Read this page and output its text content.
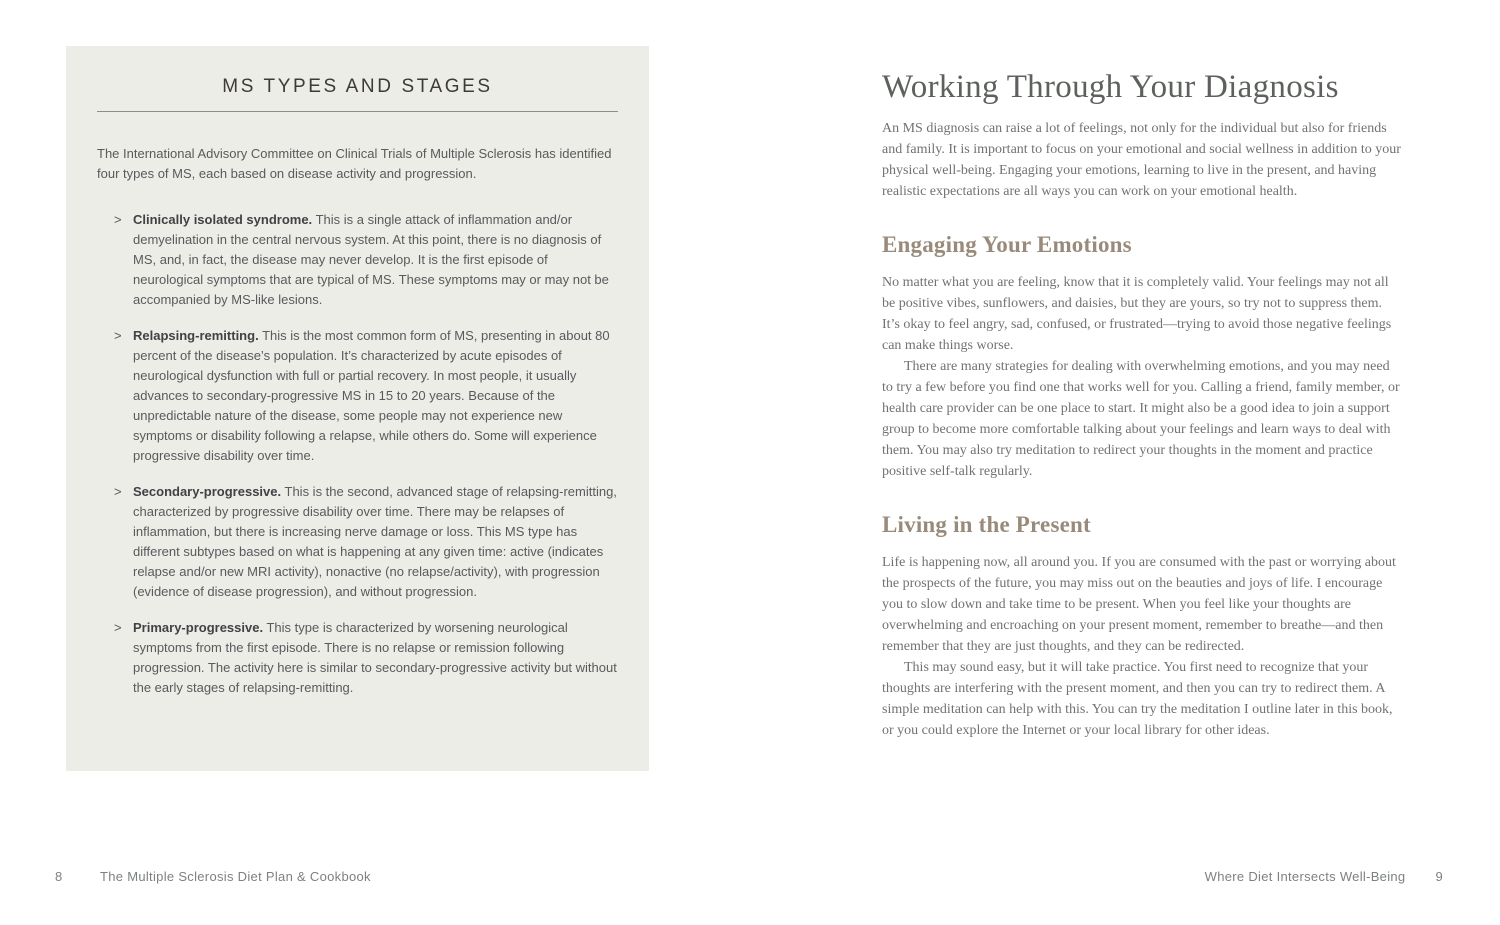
MS TYPES AND STAGES

The International Advisory Committee on Clinical Trials of Multiple Sclerosis has identified four types of MS, each based on disease activity and progression.

> Clinically isolated syndrome. This is a single attack of inflammation and/or demyelination in the central nervous system. At this point, there is no diagnosis of MS, and, in fact, the disease may never develop. It is the first episode of neurological symptoms that are typical of MS. These symptoms may or may not be accompanied by MS-like lesions.
> Relapsing-remitting. This is the most common form of MS, presenting in about 80 percent of the disease’s population. It’s characterized by acute episodes of neurological dysfunction with full or partial recovery. In most people, it usually advances to secondary-progressive MS in 15 to 20 years. Because of the unpredictable nature of the disease, some people may not experience new symptoms or disability following a relapse, while others do. Some will experience progressive disability over time.
> Secondary-progressive. This is the second, advanced stage of relapsing-remitting, characterized by progressive disability over time. There may be relapses of inflammation, but there is increasing nerve damage or loss. This MS type has different subtypes based on what is happening at any given time: active (indicates relapse and/or new MRI activity), nonactive (no relapse/activity), with progression (evidence of disease progression), and without progression.
> Primary-progressive. This type is characterized by worsening neurological symptoms from the first episode. There is no relapse or remission following progression. The activity here is similar to secondary-progressive activity but without the early stages of relapsing-remitting.
8	The Multiple Sclerosis Diet Plan & Cookbook
Working Through Your Diagnosis

An MS diagnosis can raise a lot of feelings, not only for the individual but also for friends and family. It is important to focus on your emotional and social wellness in addition to your physical well-being. Engaging your emotions, learning to live in the present, and having realistic expectations are all ways you can work on your emotional health.

Engaging Your Emotions

No matter what you are feeling, know that it is completely valid. Your feelings may not all be positive vibes, sunflowers, and daisies, but they are yours, so try not to suppress them. It’s okay to feel angry, sad, confused, or frustrated—trying to avoid those negative feelings can make things worse.

There are many strategies for dealing with overwhelming emotions, and you may need to try a few before you find one that works well for you. Calling a friend, family member, or health care provider can be one place to start. It might also be a good idea to join a support group to become more comfortable talking about your feelings and learn ways to deal with them. You may also try meditation to redirect your thoughts in the moment and practice positive self-talk regularly.

Living in the Present

Life is happening now, all around you. If you are consumed with the past or worrying about the prospects of the future, you may miss out on the beauties and joys of life. I encourage you to slow down and take time to be present. When you feel like your thoughts are overwhelming and encroaching on your present moment, remember to breathe—and then remember that they are just thoughts, and they can be redirected.

This may sound easy, but it will take practice. You first need to recognize that your thoughts are interfering with the present moment, and then you can try to redirect them. A simple meditation can help with this. You can try the meditation I outline later in this book, or you could explore the Internet or your local library for other ideas.

Where Diet Intersects Well-Being 9
